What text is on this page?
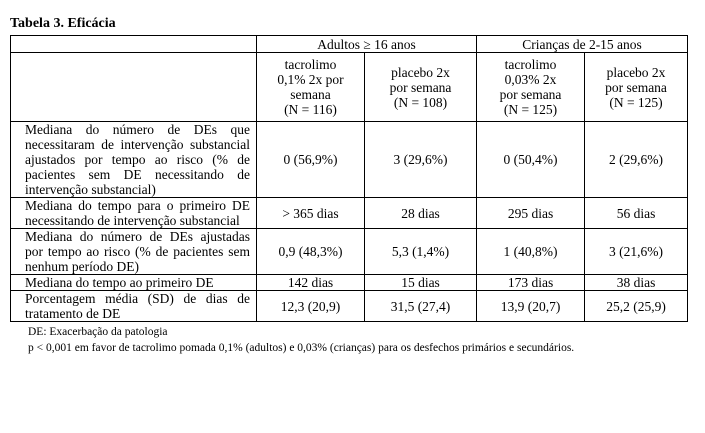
Tabela 3. Eficácia
	Adultos ≥ 16 anos		Crianças de 2-15 anos	

	tacrolimo
0,1% 2x por
semana
(N = 116)	placebo 2x
por semana
(N = 108)	tacrolimo
0,03% 2x
por semana
(N = 125)	placebo 2x
por semana
(N = 125)

Mediana do número de DEs que necessitaram de intervenção substancial ajustados por tempo ao risco (% de pacientes sem DE necessitando de intervenção substancial)	0 (56,9%)	3 (29,6%)	0 (50,4%)	2 (29,6%)
Mediana do tempo para o primeiro DE necessitando de intervenção substancial	> 365 dias	28 dias	295 dias	56 dias
Mediana do número de DEs ajustadas por tempo ao risco (% de pacientes sem nenhum período DE)	0,9 (48,3%)	5,3 (1,4%)	1 (40,8%)	3 (21,6%)
Mediana do tempo ao primeiro DE	142 dias	15 dias	173 dias	38 dias
Porcentagem média (SD) de dias de tratamento de DE	12,3 (20,9)	31,5 (27,4)	13,9 (20,7)	25,2 (25,9)

DE: Exacerbação da patologia

p < 0,001 em favor de tacrolimo pomada 0,1% (adultos) e 0,03% (crianças) para os desfechos primários e secundários.
